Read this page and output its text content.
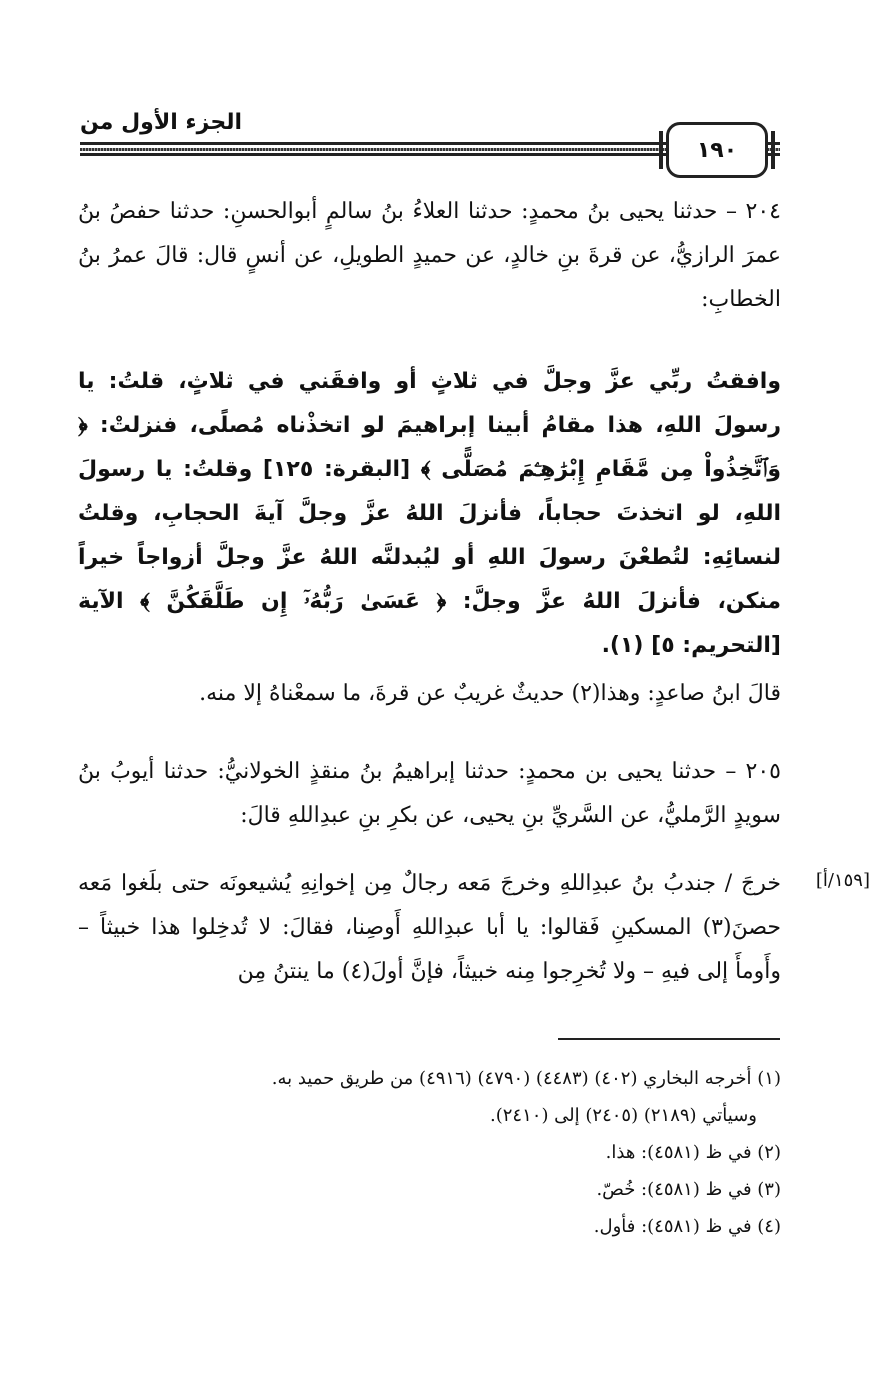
الجزء الأول من
١٩٠
٢٠٤ – حدثنا يحيى بنُ محمدٍ: حدثنا العلاءُ بنُ سالمٍ أبوالحسنِ: حدثنا حفصُ بنُ عمرَ الرازيُّ، عن قرةَ بنِ خالدٍ، عن حميدٍ الطويلِ، عن أنسٍ قال: قالَ عمرُ بنُ الخطابِ:
وافقتُ ربِّي عزَّ وجلَّ في ثلاثٍ أو وافقَني في ثلاثٍ، قلتُ: يا رسولَ اللهِ، هذا مقامُ أبينا إبراهيمَ لو اتخذْناه مُصلًى، فنزلتْ: ﴿ وَٱتَّخِذُواْ مِن مَّقَامِ إِبْرَٰهِـۧمَ مُصَلًّى ﴾ [البقرة: ١٢٥] وقلتُ: يا رسولَ اللهِ، لو اتخذتَ حجاباً، فأنزلَ اللهُ عزَّ وجلَّ آيةَ الحجابِ، وقلتُ لنسائِهِ: لتُطعْنَ رسولَ اللهِ أو ليُبدلنَّه اللهُ عزَّ وجلَّ أزواجاً خيراً منكن، فأنزلَ اللهُ عزَّ وجلَّ: ﴿ عَسَىٰ رَبُّهُۥٓ إِن طَلَّقَكُنَّ ﴾ الآية [التحريم: ٥] (١).
قالَ ابنُ صاعدٍ: وهذا(٢) حديثٌ غريبٌ عن قرةَ، ما سمعْناهُ إلا منه.
٢٠٥ – حدثنا يحيى بن محمدٍ: حدثنا إبراهيمُ بنُ منقذٍ الخولانيُّ: حدثنا أيوبُ بنُ سويدٍ الرَّمليُّ، عن السَّريِّ بنِ يحيى، عن بكرِ بنِ عبدِاللهِ قالَ:
خرجَ / جندبُ بنُ عبدِاللهِ وخرجَ مَعه رجالٌ مِن إخوانِهِ يُشيعونَه حتى بلَغوا مَعه حصنَ(٣) المسكينِ فَقالوا: يا أبا عبدِاللهِ أَوصِنا، فقالَ: لا تُدخِلوا هذا خبيثاً – وأَومأَ إلى فيهِ – ولا تُخرِجوا مِنه خبيثاً، فإنَّ أولَ(٤) ما ينتنُ مِن
[١٥٩/أ]
(١) أخرجه البخاري (٤٠٢) (٤٤٨٣) (٤٧٩٠) (٤٩١٦) من طريق حميد به.
وسيأتي (٢١٨٩) (٢٤٠٥) إلى (٢٤١٠).
(٢) في ظ (٤٥٨١): هذا.
(٣) في ظ (٤٥٨١): خُصّ.
(٤) في ظ (٤٥٨١): فأول.
